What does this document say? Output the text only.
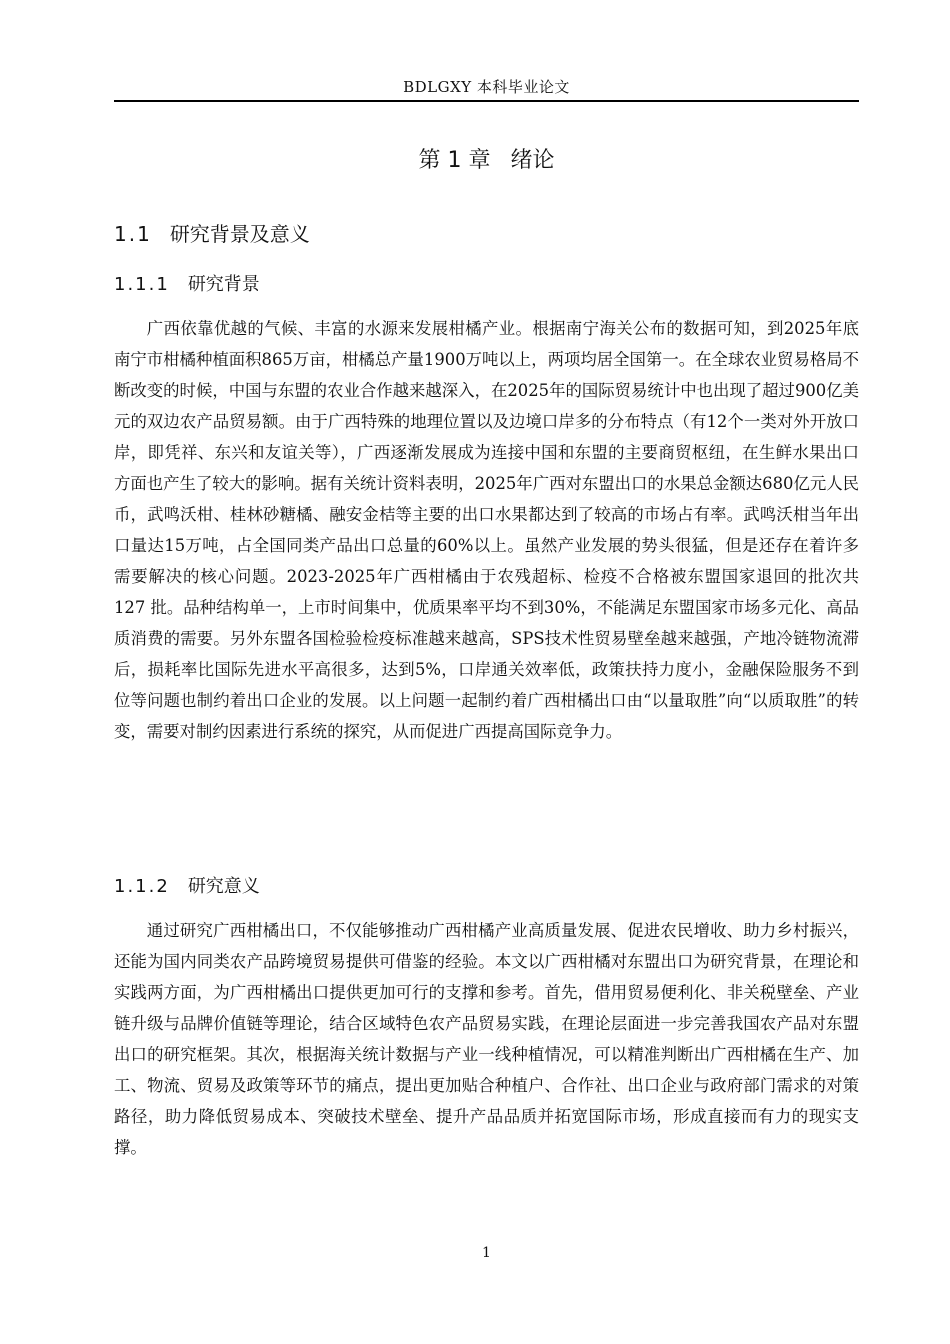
BDLGXY 本科毕业论文
第 1 章 绪论
1.1 研究背景及意义
1.1.1 研究背景

广西依靠优越的气候、丰富的水源来发展柑橘产业。根据南宁海关公布的数据可知，到2025年底南宁市柑橘种植面积865万亩，柑橘总产量1900万吨以上，两项均居全国第一。在全球农业贸易格局不断改变的时候，中国与东盟的农业合作越来越深入，在2025年的国际贸易统计中也出现了超过900亿美元的双边农产品贸易额。由于广西特殊的地理位置以及边境口岸多的分布特点（有12个一类对外开放口岸，即凭祥、东兴和友谊关等），广西逐渐发展成为连接中国和东盟的主要商贸枢纽，在生鲜水果出口方面也产生了较大的影响。据有关统计资料表明，2025年广西对东盟出口的水果总金额达680亿元人民币，武鸣沃柑、桂林砂糖橘、融安金桔等主要的出口水果都达到了较高的市场占有率。武鸣沃柑当年出口量达15万吨，占全国同类产品出口总量的60%以上。虽然产业发展的势头很猛，但是还存在着许多需要解决的核心问题。2023-2025年广西柑橘由于农残超标、检疫不合格被东盟国家退回的批次共 127 批。品种结构单一，上市时间集中，优质果率平均不到30%，不能满足东盟国家市场多元化、高品质消费的需要。另外东盟各国检验检疫标准越来越高，SPS技术性贸易壁垒越来越强，产地冷链物流滞后，损耗率比国际先进水平高很多，达到5%，口岸通关效率低，政策扶持力度小，金融保险服务不到位等问题也制约着出口企业的发展。以上问题一起制约着广西柑橘出口由“以量取胜”向“以质取胜”的转变，需要对制约因素进行系统的探究，从而促进广西提高国际竞争力。

1.1.2 研究意义

通过研究广西柑橘出口，不仅能够推动广西柑橘产业高质量发展、促进农民增收、助力乡村振兴，还能为国内同类农产品跨境贸易提供可借鉴的经验。本文以广西柑橘对东盟出口为研究背景，在理论和实践两方面，为广西柑橘出口提供更加可行的支撑和参考。首先，借用贸易便利化、非关税壁垒、产业链升级与品牌价值链等理论，结合区域特色农产品贸易实践，在理论层面进一步完善我国农产品对东盟出口的研究框架。其次，根据海关统计数据与产业一线种植情况，可以精准判断出广西柑橘在生产、加工、物流、贸易及政策等环节的痛点，提出更加贴合种植户、合作社、出口企业与政府部门需求的对策路径，助力降低贸易成本、突破技术壁垒、提升产品品质并拓宽国际市场，形成直接而有力的现实支撑。

1
